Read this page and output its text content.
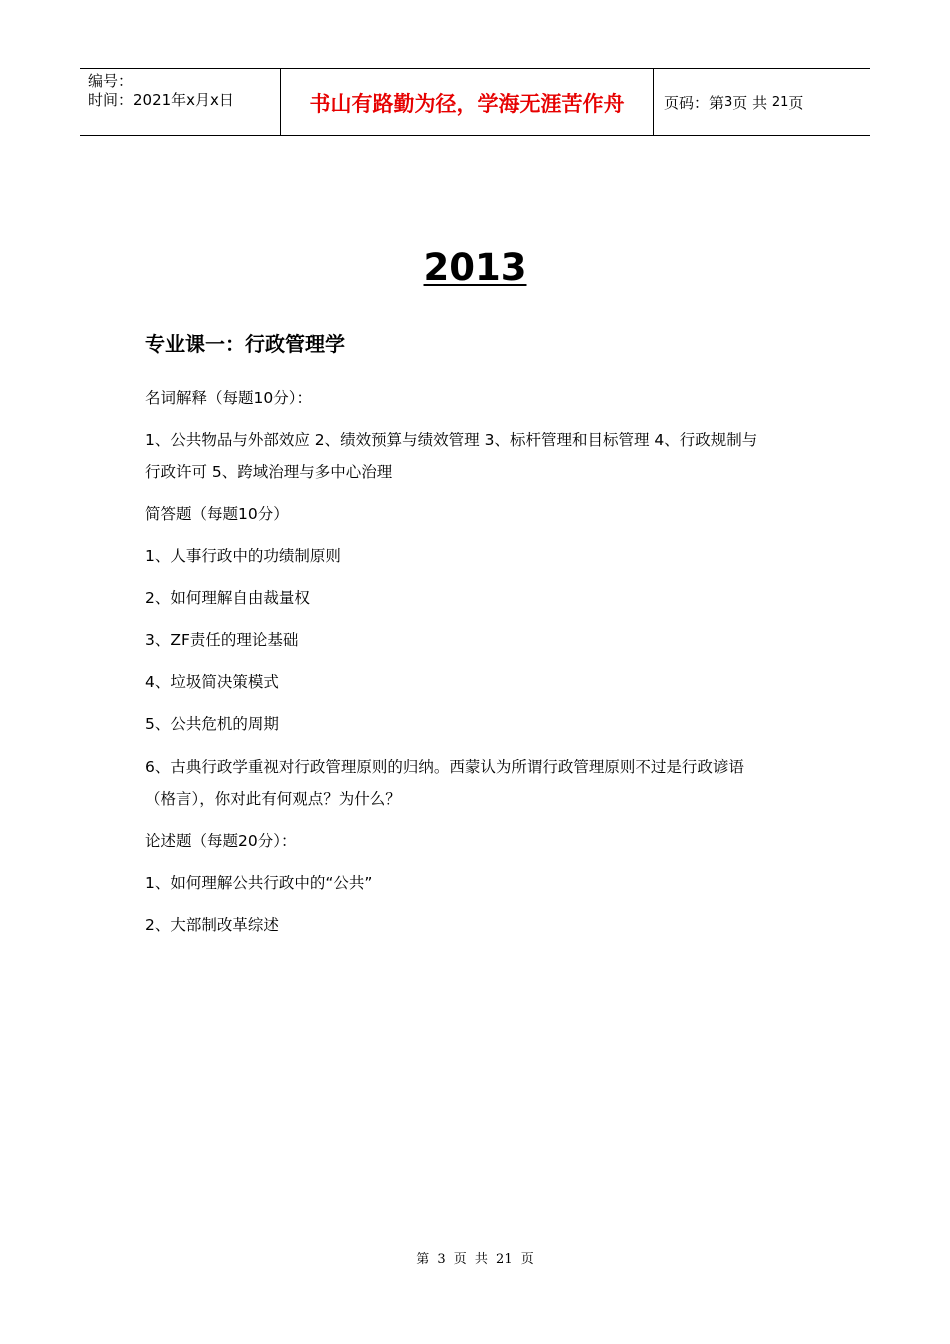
编号：
时间：2021年x月x日	书山有路勤为径，学海无涯苦作舟	页码：第 3 页 共
21 页
2013
专业课一：行政管理学
名词解释（每题10分）：
1、公共物品与外部效应 2、绩效预算与绩效管理 3、标杆管理和目标管理 4、行政规制与
行政许可 5、跨域治理与多中心治理
简答题（每题10分）
1、人事行政中的功绩制原则
2、如何理解自由裁量权
3、ZF责任的理论基础
4、垃圾简决策模式
5、公共危机的周期
6、古典行政学重视对行政管理原则的归纳。西蒙认为所谓行政管理原则不过是行政谚语
（格言），你对此有何观点？为什么？
论述题（每题20分）：
1、如何理解公共行政中的“公共”
2、大部制改革综述
第 3 页 共 21 页
